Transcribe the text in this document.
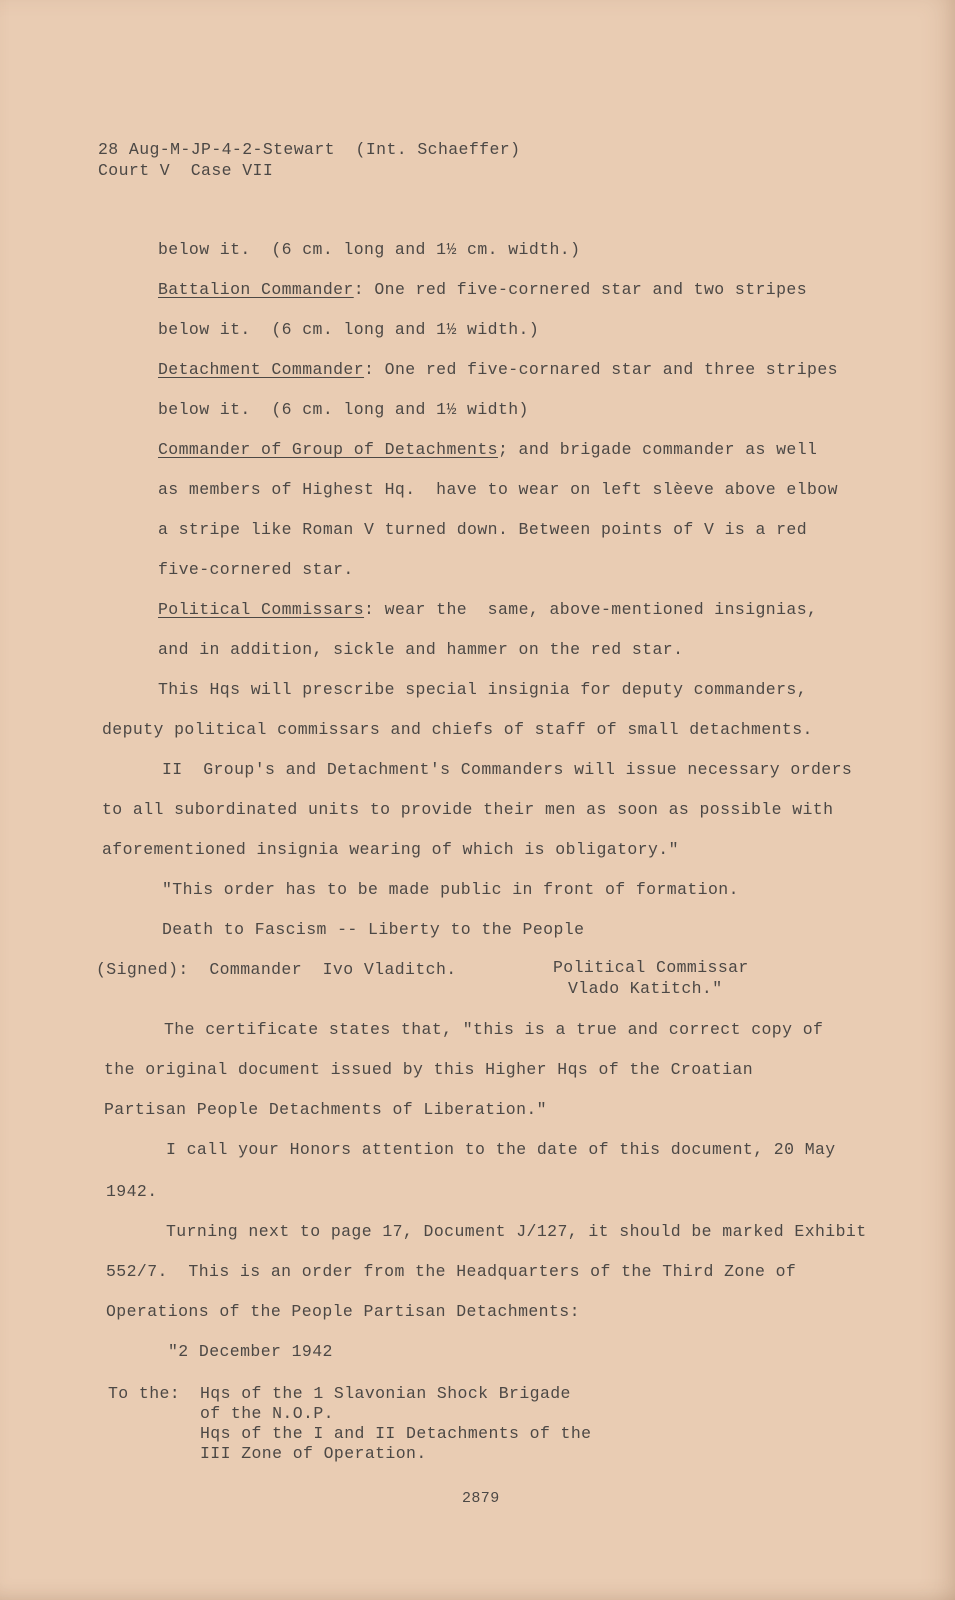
28 Aug-M-JP-4-2-Stewart  (Int. Schaeffer)
Court V  Case VII
below it.  (6 cm. long and 1½ cm. width.)
Battalion Commander: One red five-cornered star and two stripes
below it.  (6 cm. long and 1½ width.)
Detachment Commander: One red five-cornared star and three stripes
below it.  (6 cm. long and 1½ width)
Commander of Group of Detachments; and brigade commander as well
as members of Highest Hq.  have to wear on left slèeve above elbow
a stripe like Roman V turned down. Between points of V is a red
five-cornered star.
Political Commissars: wear the  same, above-mentioned insignias,
and in addition, sickle and hammer on the red star.
This Hqs will prescribe special insignia for deputy commanders,
deputy political commissars and chiefs of staff of small detachments.
II  Group's and Detachment's Commanders will issue necessary orders
to all subordinated units to provide their men as soon as possible with
aforementioned insignia wearing of which is obligatory."
"This order has to be made public in front of formation.
Death to Fascism -- Liberty to the People
(Signed):  Commander  Ivo Vladitch.	Political Commissar
Vlado Katitch."
The certificate states that, "this is a true and correct copy of
the original document issued by this Higher Hqs of the Croatian
Partisan People Detachments of Liberation."
I call your Honors attention to the date of this document, 20 May
1942.
Turning next to page 17, Document J/127, it should be marked Exhibit
552/7.  This is an order from the Headquarters of the Third Zone of
Operations of the People Partisan Detachments:
"2 December 1942
To the: Hqs of the 1 Slavonian Shock Brigade
of the N.O.P.
Hqs of the I and II Detachments of the
III Zone of Operation.
2879
